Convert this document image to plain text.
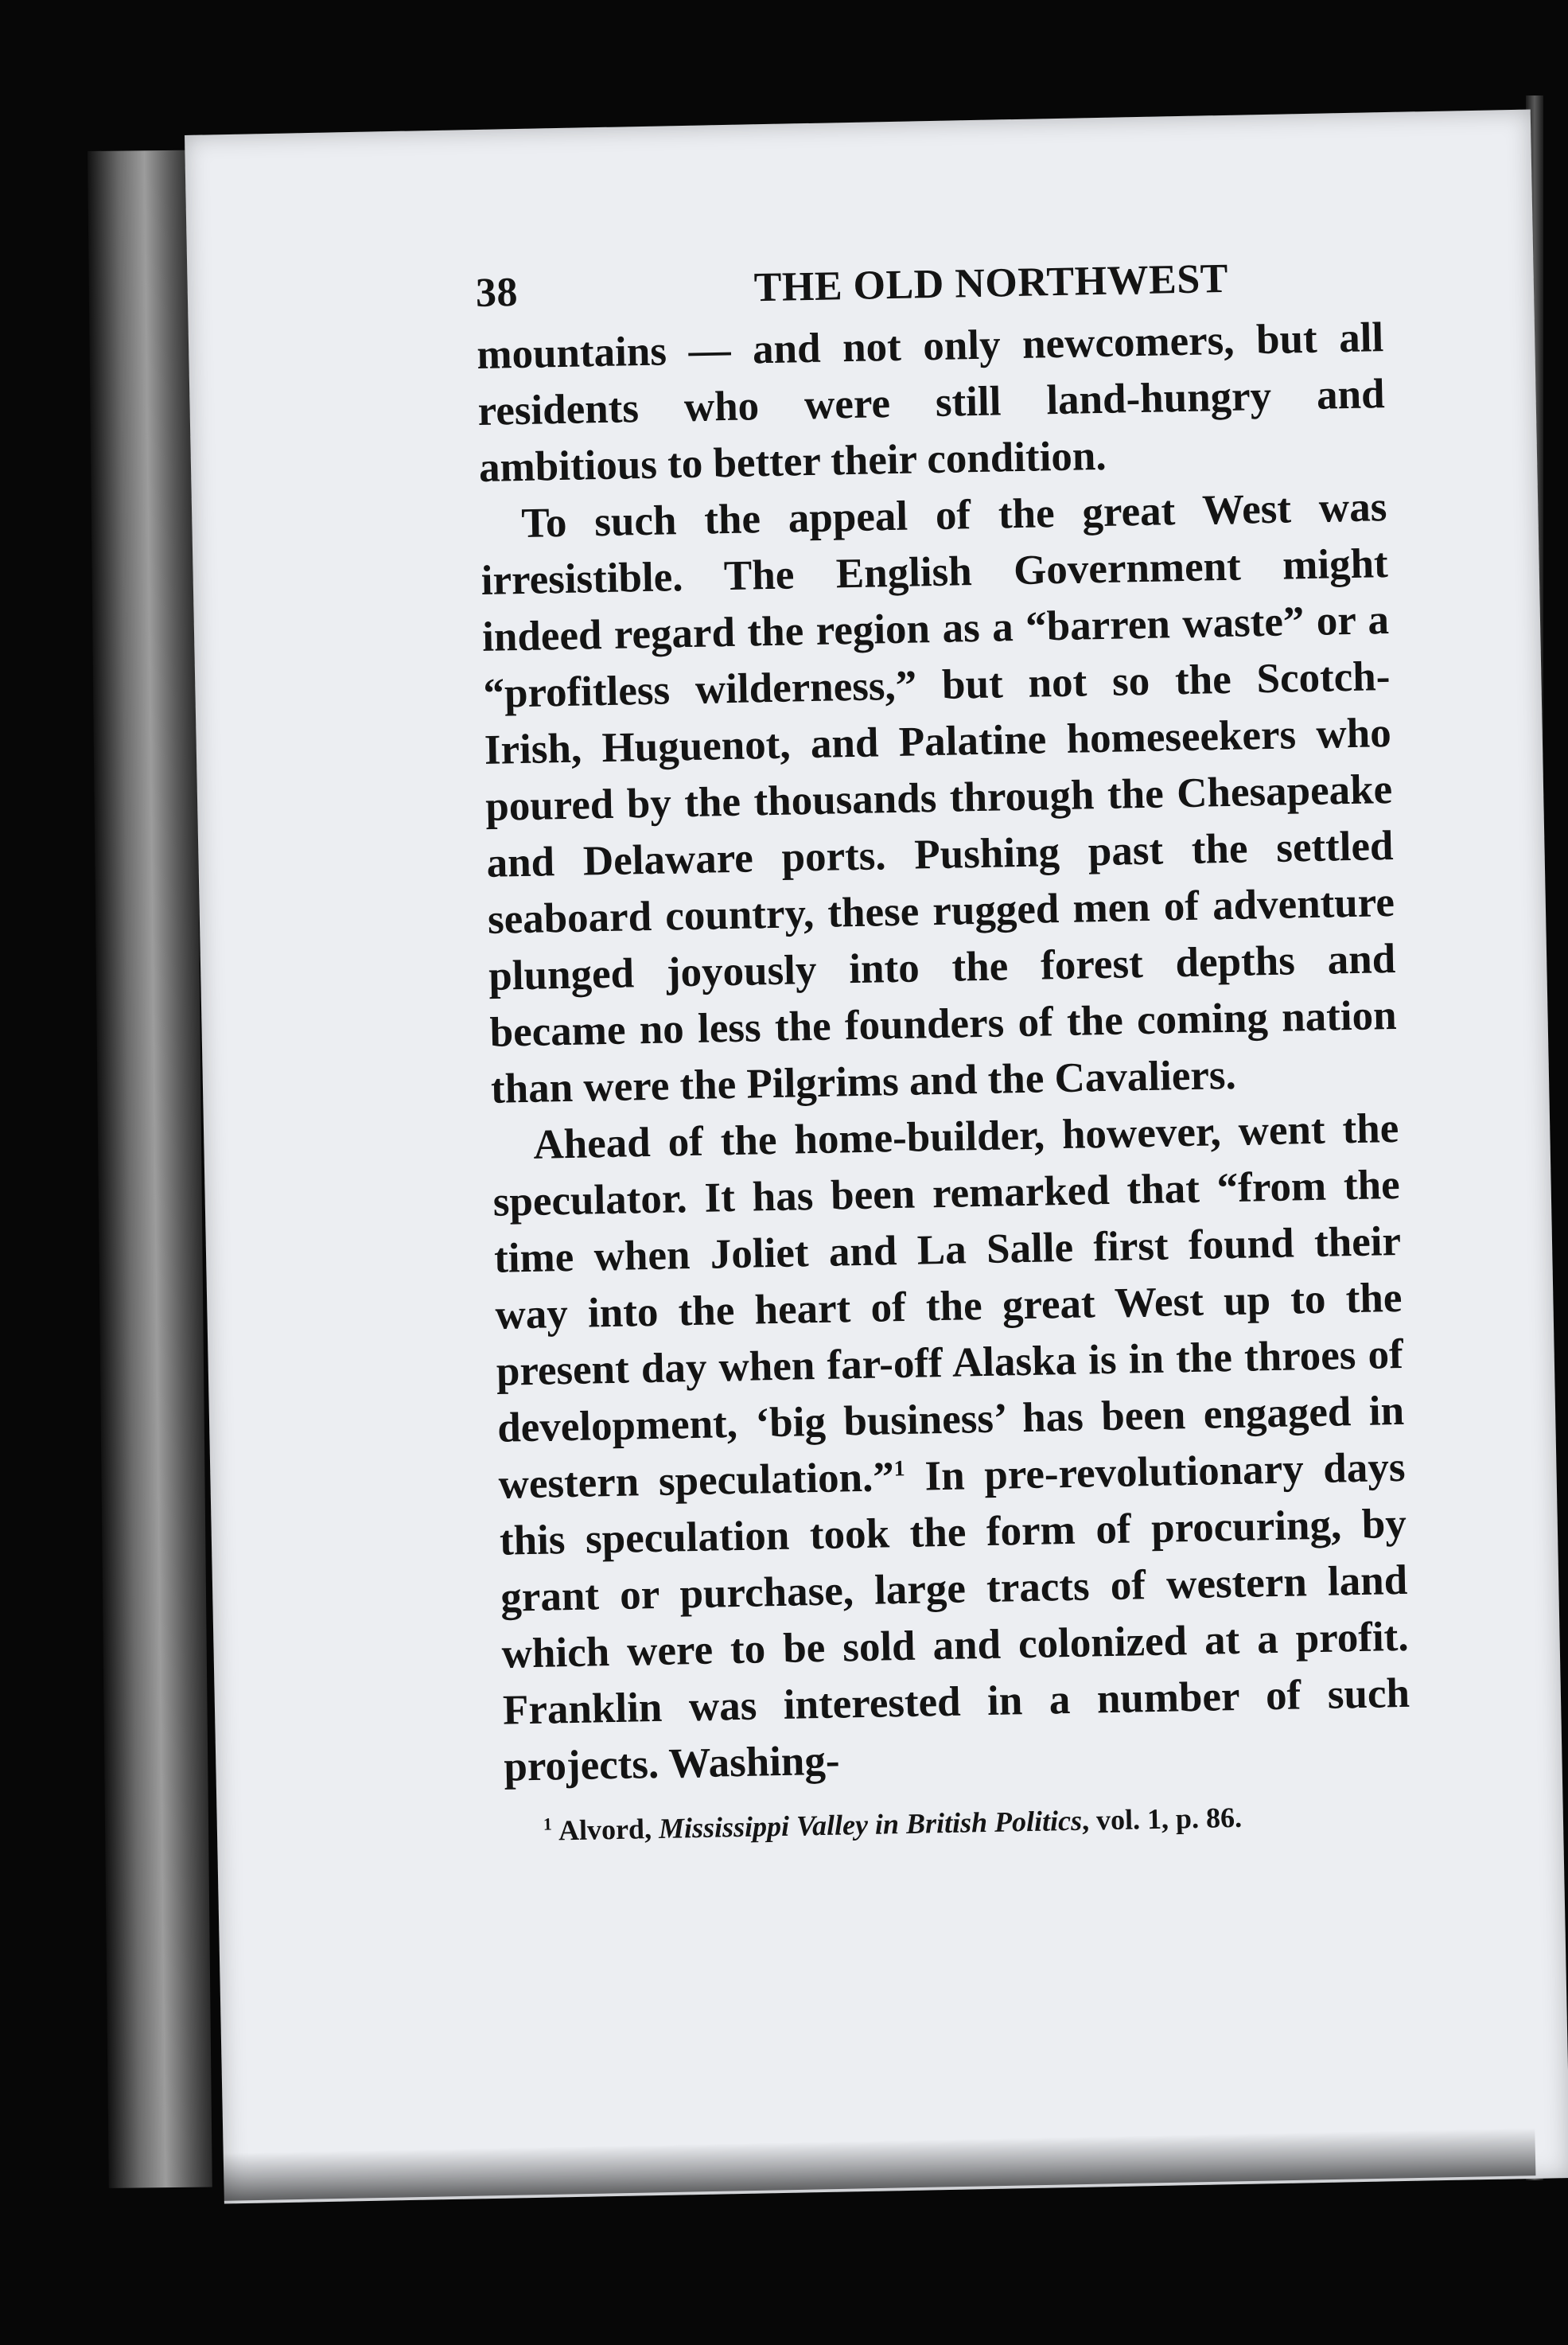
38	THE OLD NORTHWEST

mountains — and not only newcomers, but all residents who were still land-hungry and ambitious to better their condition.

To such the appeal of the great West was irresistible. The English Government might indeed regard the region as a “barren waste” or a “profitless wilderness,” but not so the Scotch-Irish, Huguenot, and Palatine homeseekers who poured by the thousands through the Chesapeake and Delaware ports. Pushing past the settled seaboard country, these rugged men of adventure plunged joyously into the forest depths and became no less the founders of the coming nation than were the Pilgrims and the Cavaliers.

Ahead of the home-builder, however, went the speculator. It has been remarked that “from the time when Joliet and La Salle first found their way into the heart of the great West up to the present day when far-off Alaska is in the throes of development, ‘big business’ has been engaged in western speculation.”$^1$ In pre-revolutionary days this speculation took the form of procuring, by grant or purchase, large tracts of western land which were to be sold and colonized at a profit. Franklin was interested in a number of such projects. Washing-

$^1$ Alvord, Mississippi Valley in British Politics, vol. 1, p. 86.
